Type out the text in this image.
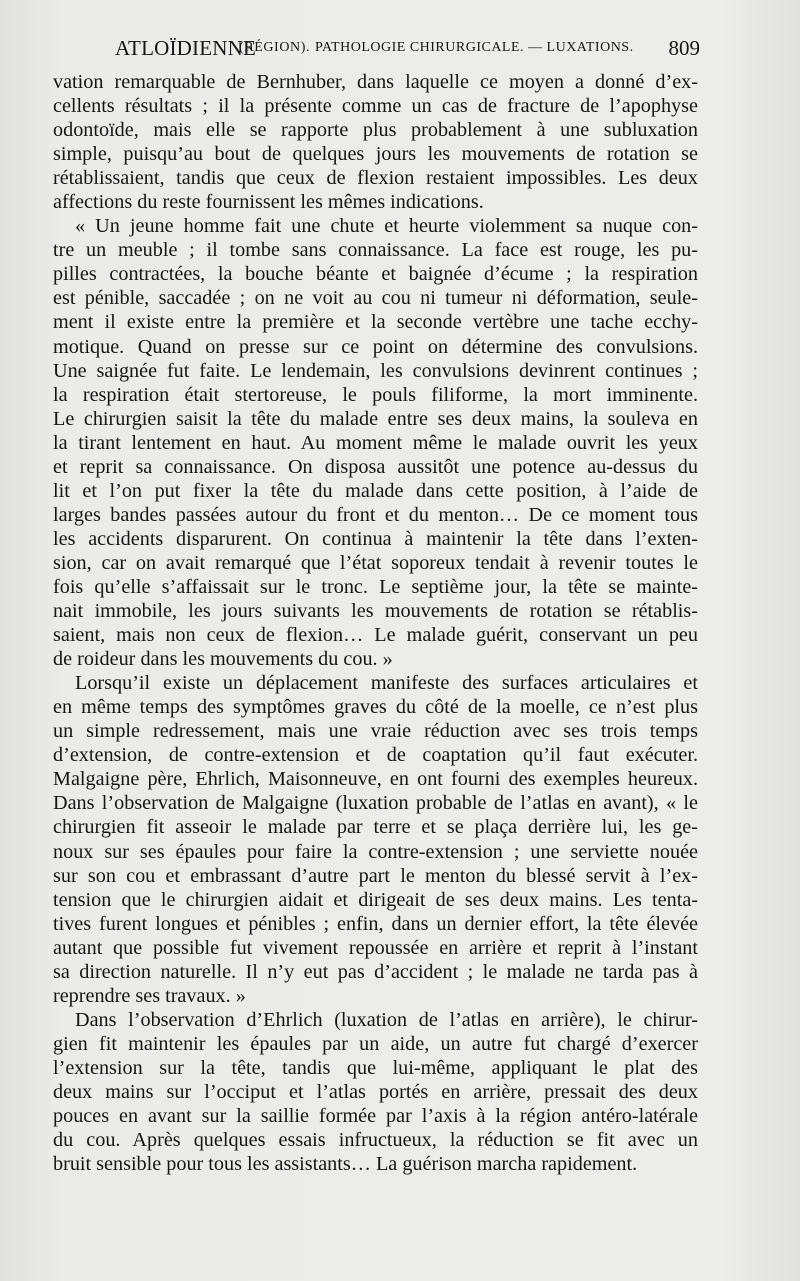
ATLOÏDIENNE
(RÉGION). PATHOLOGIE CHIRURGICALE. — LUXATIONS. 809
vation remarquable de Bernhuber, dans laquelle ce moyen a donné d’ex-
cellents résultats ; il la présente comme un cas de fracture de l’apophyse
odontoïde, mais elle se rapporte plus probablement à une subluxation
simple, puisqu’au bout de quelques jours les mouvements de rotation se
rétablissaient, tandis que ceux de flexion restaient impossibles. Les deux
affections du reste fournissent les mêmes indications.
« Un jeune homme fait une chute et heurte violemment sa nuque con-
tre un meuble ; il tombe sans connaissance. La face est rouge, les pu-
pilles contractées, la bouche béante et baignée d’écume ; la respiration
est pénible, saccadée ; on ne voit au cou ni tumeur ni déformation, seule-
ment il existe entre la première et la seconde vertèbre une tache ecchy-
motique. Quand on presse sur ce point on détermine des convulsions.
Une saignée fut faite. Le lendemain, les convulsions devinrent continues ;
la respiration était stertoreuse, le pouls filiforme, la mort imminente.
Le chirurgien saisit la tête du malade entre ses deux mains, la souleva en
la tirant lentement en haut. Au moment même le malade ouvrit les yeux
et reprit sa connaissance. On disposa aussitôt une potence au-dessus du
lit et l’on put fixer la tête du malade dans cette position, à l’aide de
larges bandes passées autour du front et du menton… De ce moment tous
les accidents disparurent. On continua à maintenir la tête dans l’exten-
sion, car on avait remarqué que l’état soporeux tendait à revenir toutes le
fois qu’elle s’affaissait sur le tronc. Le septième jour, la tête se mainte-
nait immobile, les jours suivants les mouvements de rotation se rétablis-
saient, mais non ceux de flexion… Le malade guérit, conservant un peu
de roideur dans les mouvements du cou. »
Lorsqu’il existe un déplacement manifeste des surfaces articulaires et
en même temps des symptômes graves du côté de la moelle, ce n’est plus
un simple redressement, mais une vraie réduction avec ses trois temps
d’extension, de contre-extension et de coaptation qu’il faut exécuter.
Malgaigne père, Ehrlich, Maisonneuve, en ont fourni des exemples heureux.
Dans l’observation de Malgaigne (luxation probable de l’atlas en avant), « le
chirurgien fit asseoir le malade par terre et se plaça derrière lui, les ge-
noux sur ses épaules pour faire la contre-extension ; une serviette nouée
sur son cou et embrassant d’autre part le menton du blessé servit à l’ex-
tension que le chirurgien aidait et dirigeait de ses deux mains. Les tenta-
tives furent longues et pénibles ; enfin, dans un dernier effort, la tête élevée
autant que possible fut vivement repoussée en arrière et reprit à l’instant
sa direction naturelle. Il n’y eut pas d’accident ; le malade ne tarda pas à
reprendre ses travaux. »
Dans l’observation d’Ehrlich (luxation de l’atlas en arrière), le chirur-
gien fit maintenir les épaules par un aide, un autre fut chargé d’exercer
l’extension sur la tête, tandis que lui-même, appliquant le plat des
deux mains sur l’occiput et l’atlas portés en arrière, pressait des deux
pouces en avant sur la saillie formée par l’axis à la région antéro-latérale
du cou. Après quelques essais infructueux, la réduction se fit avec un
bruit sensible pour tous les assistants… La guérison marcha rapidement.
